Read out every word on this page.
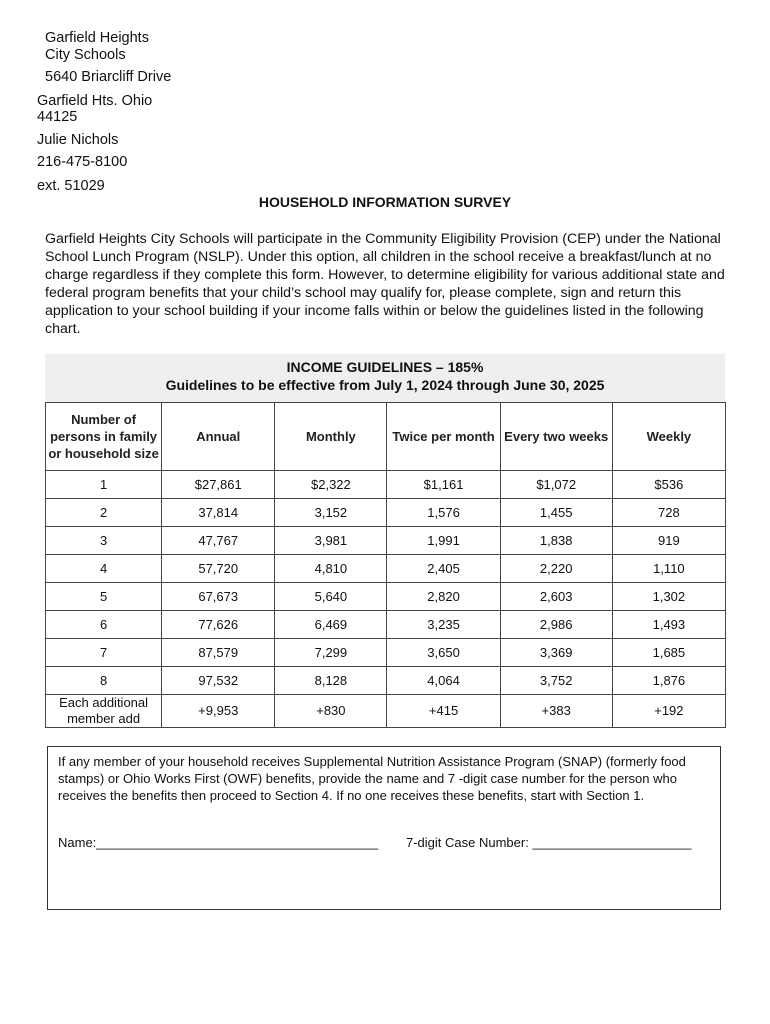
Garfield Heights
City Schools
5640 Briarcliff Drive
Garfield Hts. Ohio
44125
Julie Nichols
216-475-8100
ext. 51029
HOUSEHOLD INFORMATION SURVEY

Garfield Heights City Schools will participate in the Community Eligibility Provision (CEP) under the National School Lunch Program (NSLP). Under this option, all children in the school receive a breakfast/lunch at no charge regardless if they complete this form. However, to determine eligibility for various additional state and federal program benefits that your child’s school may qualify for, please complete, sign and return this application to your school building if your income falls within or below the guidelines listed in the following chart.

INCOME GUIDELINES – 185%
Guidelines to be effective from July 1, 2024 through June 30, 2025
Number of persons in family or household size	Annual	Monthly	Twice per month	Every two weeks	Weekly
1	$27,861	$2,322	$1,161	$1,072	$536
2	37,814	3,152	1,576	1,455	728
3	47,767	3,981	1,991	1,838	919
4	57,720	4,810	2,405	2,220	1,110
5	67,673	5,640	2,820	2,603	1,302
6	77,626	6,469	3,235	2,986	1,493
7	87,579	7,299	3,650	3,369	1,685
8	97,532	8,128	4,064	3,752	1,876
Each additional member add	+9,953	+830	+415	+383	+192

If any member of your household receives Supplemental Nutrition Assistance Program (SNAP) (formerly food stamps) or Ohio Works First (OWF) benefits, provide the name and 7 -digit case number for the person who receives the benefits then proceed to Section 4. If no one receives these benefits, start with Section 1.

Name:_______________________________________ 7-digit Case Number: ______________________
